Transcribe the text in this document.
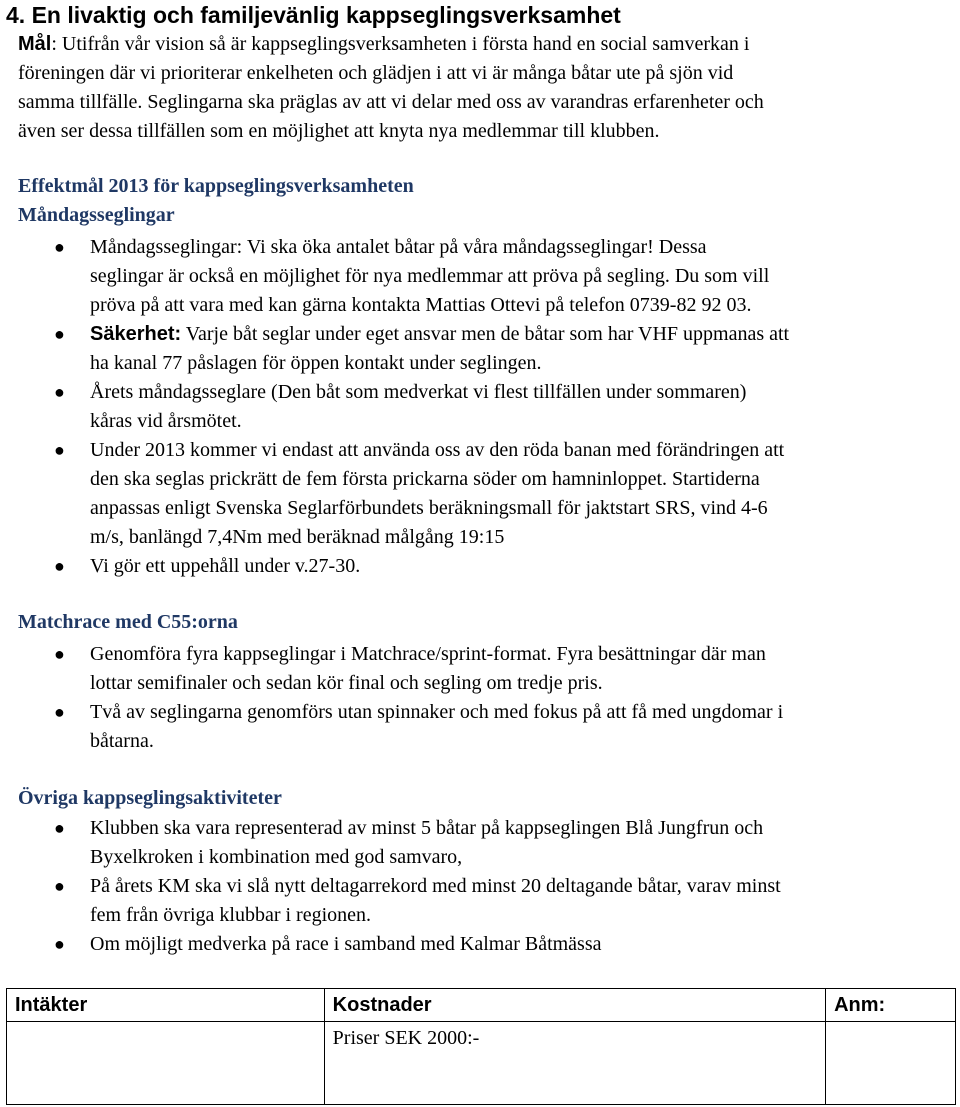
4. En livaktig och familjevänlig kappseglingsverksamhet
Mål: Utifrån vår vision så är kappseglingsverksamheten i första hand en social samverkan i
föreningen där vi prioriterar enkelheten och glädjen i att vi är många båtar ute på sjön vid
samma tillfälle. Seglingarna ska präglas av att vi delar med oss av varandras erfarenheter och
även ser dessa tillfällen som en möjlighet att knyta nya medlemmar till klubben.
Effektmål 2013 för kappseglingsverksamheten
Måndagsseglingar
● Måndagsseglingar: Vi ska öka antalet båtar på våra måndagsseglingar! Dessa
seglingar är också en möjlighet för nya medlemmar att pröva på segling. Du som vill
pröva på att vara med kan gärna kontakta Mattias Ottevi på telefon 0739-82 92 03.
● Säkerhet: Varje båt seglar under eget ansvar men de båtar som har VHF uppmanas att
ha kanal 77 påslagen för öppen kontakt under seglingen.
● Årets måndagsseglare (Den båt som medverkat vi flest tillfällen under sommaren)
kåras vid årsmötet.
● Under 2013 kommer vi endast att använda oss av den röda banan med förändringen att
den ska seglas prickrätt de fem första prickarna söder om hamninloppet. Startiderna
anpassas enligt Svenska Seglarförbundets beräkningsmall för jaktstart SRS, vind 4-6
m/s, banlängd 7,4Nm med beräknad målgång 19:15
● Vi gör ett uppehåll under v.27-30.
Matchrace med C55:orna
● Genomföra fyra kappseglingar i Matchrace/sprint-format. Fyra besättningar där man
lottar semifinaler och sedan kör final och segling om tredje pris.
● Två av seglingarna genomförs utan spinnaker och med fokus på att få med ungdomar i
båtarna.
Övriga kappseglingsaktiviteter
● Klubben ska vara representerad av minst 5 båtar på kappseglingen Blå Jungfrun och
Byxelkroken i kombination med god samvaro,
● På årets KM ska vi slå nytt deltagarrekord med minst 20 deltagande båtar, varav minst
fem från övriga klubbar i regionen.
● Om möjligt medverka på race i samband med Kalmar Båtmässa
Intäkter	Kostnader	Anm:
	Priser SEK 2000:-	
